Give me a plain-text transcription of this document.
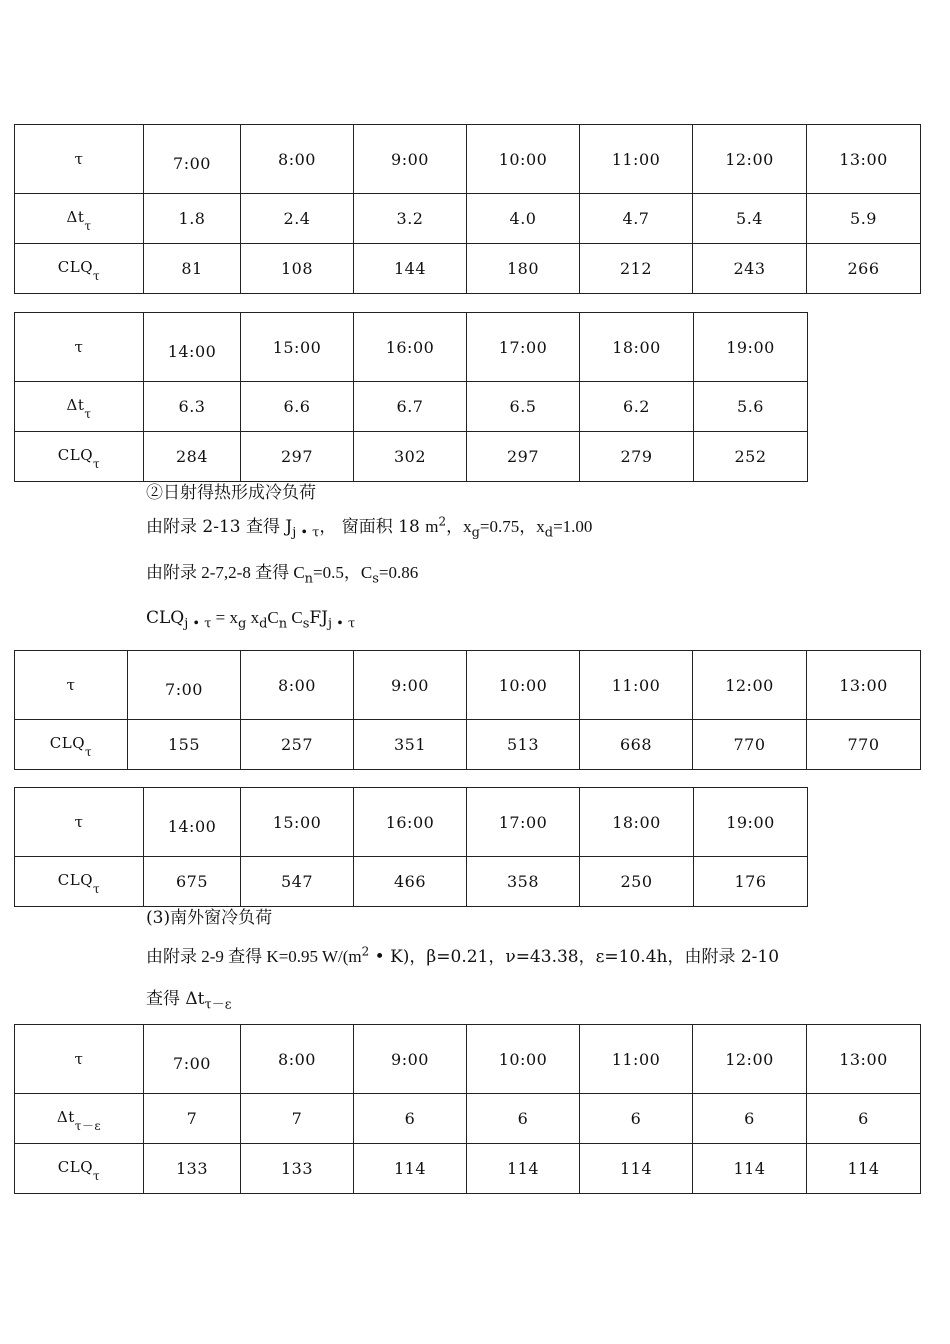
τ	7:00	8:00	9:00	10:00	11:00	12:00	13:00
$\Delta t_\tau$	1.8	2.4	3.2	4.0	4.7	5.4	5.9
$CLQ_\tau$	81	108	144	180	212	243	266
τ	14:00	15:00	16:00	17:00	18:00	19:00
$\Delta t_\tau$	6.3	6.6	6.7	6.5	6.2	5.6
$CLQ_\tau$	284	297	302	297	279	252
②日射得热形成冷负荷
由附录 2-13 查得 $J_{j • \tau}$， 窗面积 18 $m^2$，$x_g=0.75$，$x_d=1.00$
由附录 2-7,2-8 查得 $C_n=0.5$，$C_s=0.86$
$CLQ_{j • \tau} = x_g$ $x_dC_n$ $C_sFJ_{j • \tau}$
τ	7:00	8:00	9:00	10:00	11:00	12:00	13:00
$CLQ_\tau$	155	257	351	513	668	770	770
τ	14:00	15:00	16:00	17:00	18:00	19:00
$CLQ_\tau$	675	547	466	358	250	176
(3)南外窗冷负荷
由附录 2-9 查得 K=0.95 $W/(m^2$ • K)，β=0.21，ν=43.38，ε=10.4h，由附录 2-10
查得 $\Delta t_{\tau-\varepsilon}$
τ	7:00	8:00	9:00	10:00	11:00	12:00	13:00
$\Delta t_{\tau-\varepsilon}$	7	7	6	6	6	6	6
$CLQ_\tau$	133	133	114	114	114	114	114
